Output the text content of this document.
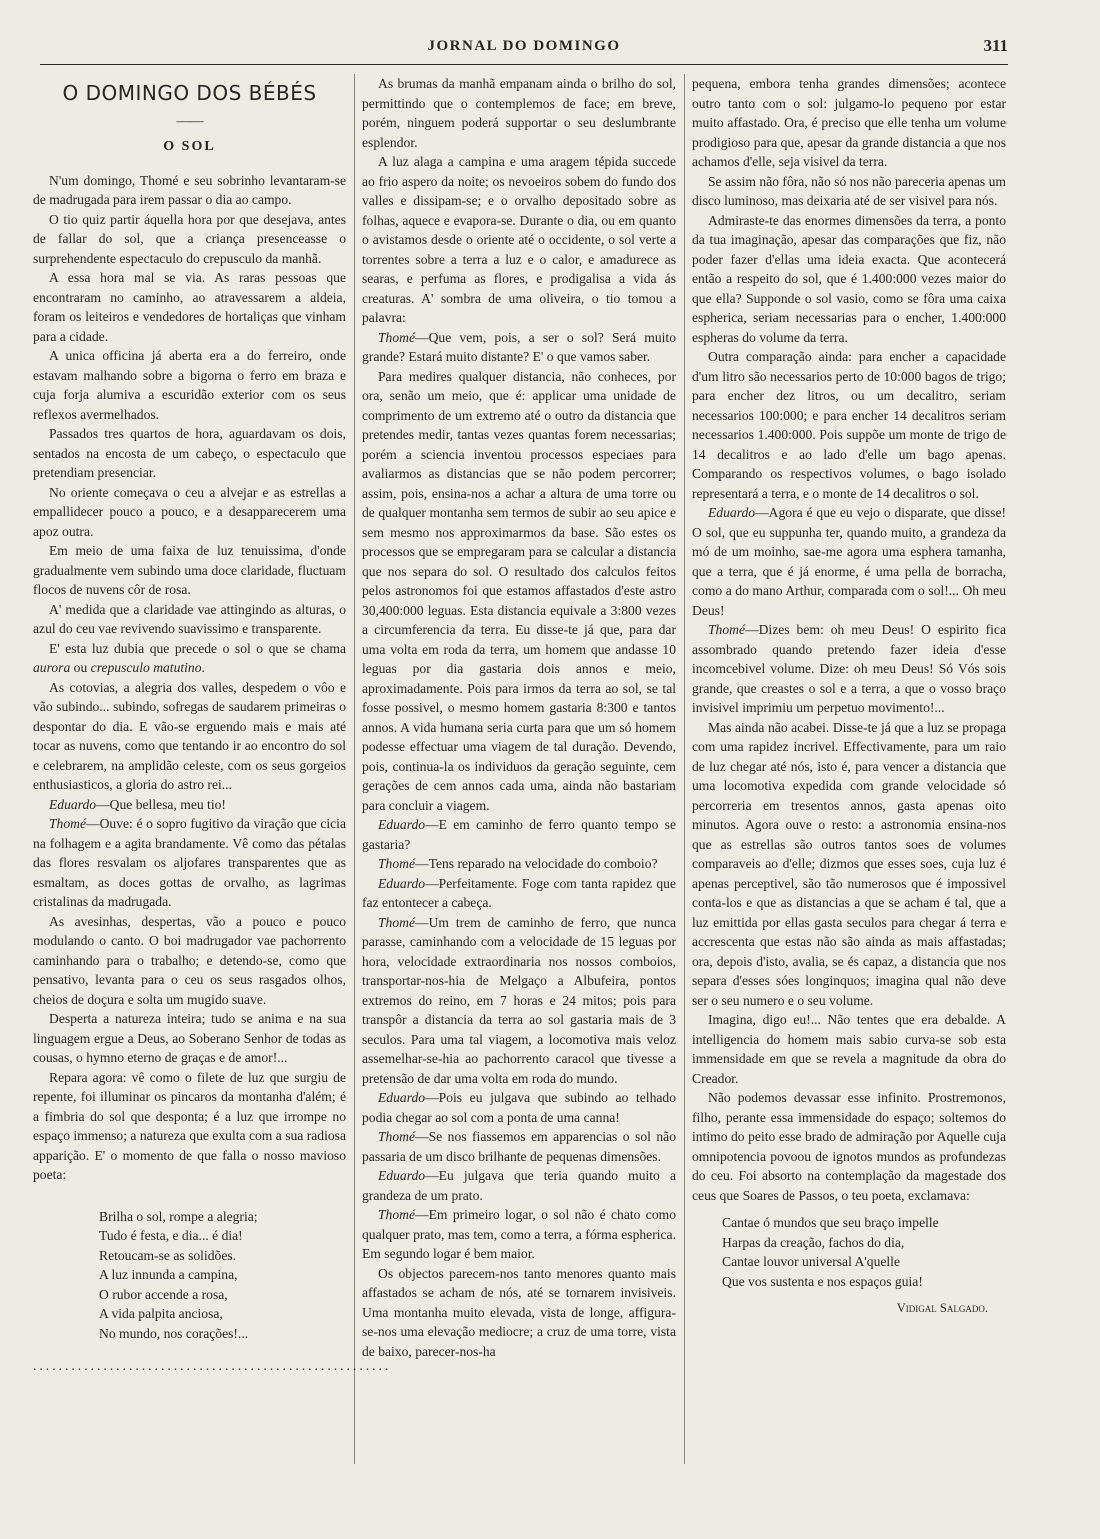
JORNAL DO DOMINGO	311
O DOMINGO DOS BÉBÉS
——
O SOL

N'um domingo, Thomé e seu sobrinho levantaram-se de madrugada para irem passar o dia ao campo.

O tio quiz partir áquella hora por que desejava, antes de fallar do sol, que a criança presenceasse o surprehendente espectaculo do crepusculo da manhã.

A essa hora mal se via. As raras pessoas que encontraram no caminho, ao atravessarem a aldeia, foram os leiteiros e vendedores de hortaliças que vinham para a cidade.

A unica officina já aberta era a do ferreiro, onde estavam malhando sobre a bigorna o ferro em braza e cuja forja alumiva a escuridão exterior com os seus reflexos avermelhados.

Passados tres quartos de hora, aguardavam os dois, sentados na encosta de um cabeço, o espectaculo que pretendiam presenciar.

No oriente começava o ceu a alvejar e as estrellas a empallidecer pouco a pouco, e a desapparecerem uma apoz outra.

Em meio de uma faixa de luz tenuissima, d'onde gradualmente vem subindo uma doce claridade, fluctuam flocos de nuvens côr de rosa.

A' medida que a claridade vae attingindo as alturas, o azul do ceu vae revivendo suavissimo e transparente.

E' esta luz dubia que precede o sol o que se chama aurora ou crepusculo matutino.

As cotovias, a alegria dos valles, despedem o vôo e vão subindo... subindo, sofregas de saudarem primeiras o despontar do dia. E vão-se erguendo mais e mais até tocar as nuvens, como que tentando ir ao encontro do sol e celebrarem, na amplidão celeste, com os seus gorgeios enthusiasticos, a gloria do astro rei...

Eduardo—Que bellesa, meu tio!

Thomé—Ouve: é o sopro fugitivo da viração que cicia na folhagem e a agita brandamente. Vê como das pétalas das flores resvalam os aljofares transparentes que as esmaltam, as doces gottas de orvalho, as lagrimas cristalinas da madrugada.

As avesinhas, despertas, vão a pouco e pouco modulando o canto. O boi madrugador vae pachorrento caminhando para o trabalho; e detendo-se, como que pensativo, levanta para o ceu os seus rasgados olhos, cheios de doçura e solta um mugido suave.

Desperta a natureza inteira; tudo se anima e na sua linguagem ergue a Deus, ao Soberano Senhor de todas as cousas, o hymno eterno de graças e de amor!...

Repara agora: vê como o filete de luz que surgiu de repente, foi illuminar os pincaros da montanha d'além; é a fimbria do sol que desponta; é a luz que irrompe no espaço immenso; a natureza que exulta com a sua radiosa apparição. E' o momento de que falla o nosso mavioso poeta:

Brilha o sol, rompe a alegria;
Tudo é festa, e dia... é dia!
Retoucam-se as solidões.
A luz innunda a campina,
O rubor accende a rosa,
A vida palpita anciosa,
No mundo, nos corações!...
........................................................

As brumas da manhã empanam ainda o brilho do sol, permittindo que o contemplemos de face; em breve, porém, ninguem poderá supportar o seu deslumbrante esplendor.

A luz alaga a campina e uma aragem tépida succede ao frio aspero da noite; os nevoeiros sobem do fundo dos valles e dissipam-se; e o orvalho depositado sobre as folhas, aquece e evapora-se. Durante o dia, ou em quanto o avistamos desde o oriente até o occidente, o sol verte a torrentes sobre a terra a luz e o calor, e amadurece as searas, e perfuma as flores, e prodigalisa a vida ás creaturas. A' sombra de uma oliveira, o tio tomou a palavra:

Thomé—Que vem, pois, a ser o sol? Será muito grande? Estará muito distante? E' o que vamos saber.

Para medires qualquer distancia, não conheces, por ora, senão um meio, que é: applicar uma unidade de comprimento de um extremo até o outro da distancia que pretendes medir, tantas vezes quantas forem necessarias; porém a sciencia inventou processos especiaes para avaliarmos as distancias que se não podem percorrer; assim, pois, ensina-nos a achar a altura de uma torre ou de qualquer montanha sem termos de subir ao seu apice e sem mesmo nos approximarmos da base. São estes os processos que se empregaram para se calcular a distancia que nos separa do sol. O resultado dos calculos feitos pelos astronomos foi que estamos affastados d'este astro 30,400:000 leguas. Esta distancia equivale a 3:800 vezes a circumferencia da terra. Eu disse-te já que, para dar uma volta em roda da terra, um homem que andasse 10 leguas por dia gastaria dois annos e meio, aproximadamente. Pois para irmos da terra ao sol, se tal fosse possivel, o mesmo homem gastaria 8:300 e tantos annos. A vida humana seria curta para que um só homem podesse effectuar uma viagem de tal duração. Devendo, pois, continua-la os individuos da geração seguinte, cem gerações de cem annos cada uma, ainda não bastariam para concluir a viagem.

Eduardo—E em caminho de ferro quanto tempo se gastaria?

Thomé—Tens reparado na velocidade do comboio?

Eduardo—Perfeitamente. Foge com tanta rapidez que faz entontecer a cabeça.

Thomé—Um trem de caminho de ferro, que nunca parasse, caminhando com a velocidade de 15 leguas por hora, velocidade extraordinaria nos nossos comboios, transportar-nos-hia de Melgaço a Albufeira, pontos extremos do reino, em 7 horas e 24 mitos; pois para transpôr a distancia da terra ao sol gastaria mais de 3 seculos. Para uma tal viagem, a locomotiva mais veloz assemelhar-se-hia ao pachorrento caracol que tivesse a pretensão de dar uma volta em roda do mundo.

Eduardo—Pois eu julgava que subindo ao telhado podia chegar ao sol com a ponta de uma canna!

Thomé—Se nos fiassemos em apparencias o sol não passaria de um disco brilhante de pequenas dimensões.

Eduardo—Eu julgava que teria quando muito a grandeza de um prato.

Thomé—Em primeiro logar, o sol não é chato como qualquer prato, mas tem, como a terra, a fórma espherica. Em segundo logar é bem maior.

Os objectos parecem-nos tanto menores quanto mais affastados se acham de nós, até se tornarem invisiveis. Uma montanha muito elevada, vista de longe, affigura-se-nos uma elevação mediocre; a cruz de uma torre, vista de baixo, parecer-nos-ha

pequena, embora tenha grandes dimensões; acontece outro tanto com o sol: julgamo-lo pequeno por estar muito affastado. Ora, é preciso que elle tenha um volume prodigioso para que, apesar da grande distancia a que nos achamos d'elle, seja visivel da terra.

Se assim não fôra, não só nos não pareceria apenas um disco luminoso, mas deixaria até de ser visivel para nós.

Admiraste-te das enormes dimensões da terra, a ponto da tua imaginação, apesar das comparações que fiz, não poder fazer d'ellas uma ideia exacta. Que acontecerá então a respeito do sol, que é 1.400:000 vezes maior do que ella? Supponde o sol vasio, como se fôra uma caixa espherica, seriam necessarias para o encher, 1.400:000 espheras do volume da terra.

Outra comparação ainda: para encher a capacidade d'um litro são necessarios perto de 10:000 bagos de trigo; para encher dez litros, ou um decalitro, seriam necessarios 100:000; e para encher 14 decalitros seriam necessarios 1.400:000. Pois suppõe um monte de trigo de 14 decalitros e ao lado d'elle um bago apenas. Comparando os respectivos volumes, o bago isolado representará a terra, e o monte de 14 decalitros o sol.

Eduardo—Agora é que eu vejo o disparate, que disse! O sol, que eu suppunha ter, quando muito, a grandeza da mó de um moinho, sae-me agora uma esphera tamanha, que a terra, que é já enorme, é uma pella de borracha, como a do mano Arthur, comparada com o sol!... Oh meu Deus!

Thomé—Dizes bem: oh meu Deus! O espirito fica assombrado quando pretendo fazer ideia d'esse incomcebivel volume. Dize: oh meu Deus! Só Vós sois grande, que creastes o sol e a terra, a que o vosso braço invisivel imprimiu um perpetuo movimento!...

Mas ainda não acabei. Disse-te já que a luz se propaga com uma rapidez incrivel. Effectivamente, para um raio de luz chegar até nós, isto é, para vencer a distancia que uma locomotiva expedida com grande velocidade só percorreria em tresentos annos, gasta apenas oito minutos. Agora ouve o resto: a astronomia ensina-nos que as estrellas são outros tantos soes de volumes comparaveis ao d'elle; dizmos que esses soes, cuja luz é apenas perceptivel, são tão numerosos que é impossivel conta-los e que as distancias a que se acham é tal, que a luz emittida por ellas gasta seculos para chegar á terra e accrescenta que estas não são ainda as mais affastadas; ora, depois d'isto, avalia, se és capaz, a distancia que nos separa d'esses sóes longinquos; imagina qual não deve ser o seu numero e o seu volume.

Imagina, digo eu!... Não tentes que era debalde. A intelligencia do homem mais sabio curva-se sob esta immensidade em que se revela a magnitude da obra do Creador.

Não podemos devassar esse infinito. Prostremonos, filho, perante essa immensidade do espaço; soltemos do intimo do peito esse brado de admiração por Aquelle cuja omnipotencia povoou de ignotos mundos as profundezas do ceu. Foi absorto na contemplação da magestade dos ceus que Soares de Passos, o teu poeta, exclamava:

Cantae ó mundos que seu braço impelle
Harpas da creação, fachos do dia,
Cantae louvor universal A'quelle
Que vos sustenta e nos espaços guia!
Vidigal Salgado.
